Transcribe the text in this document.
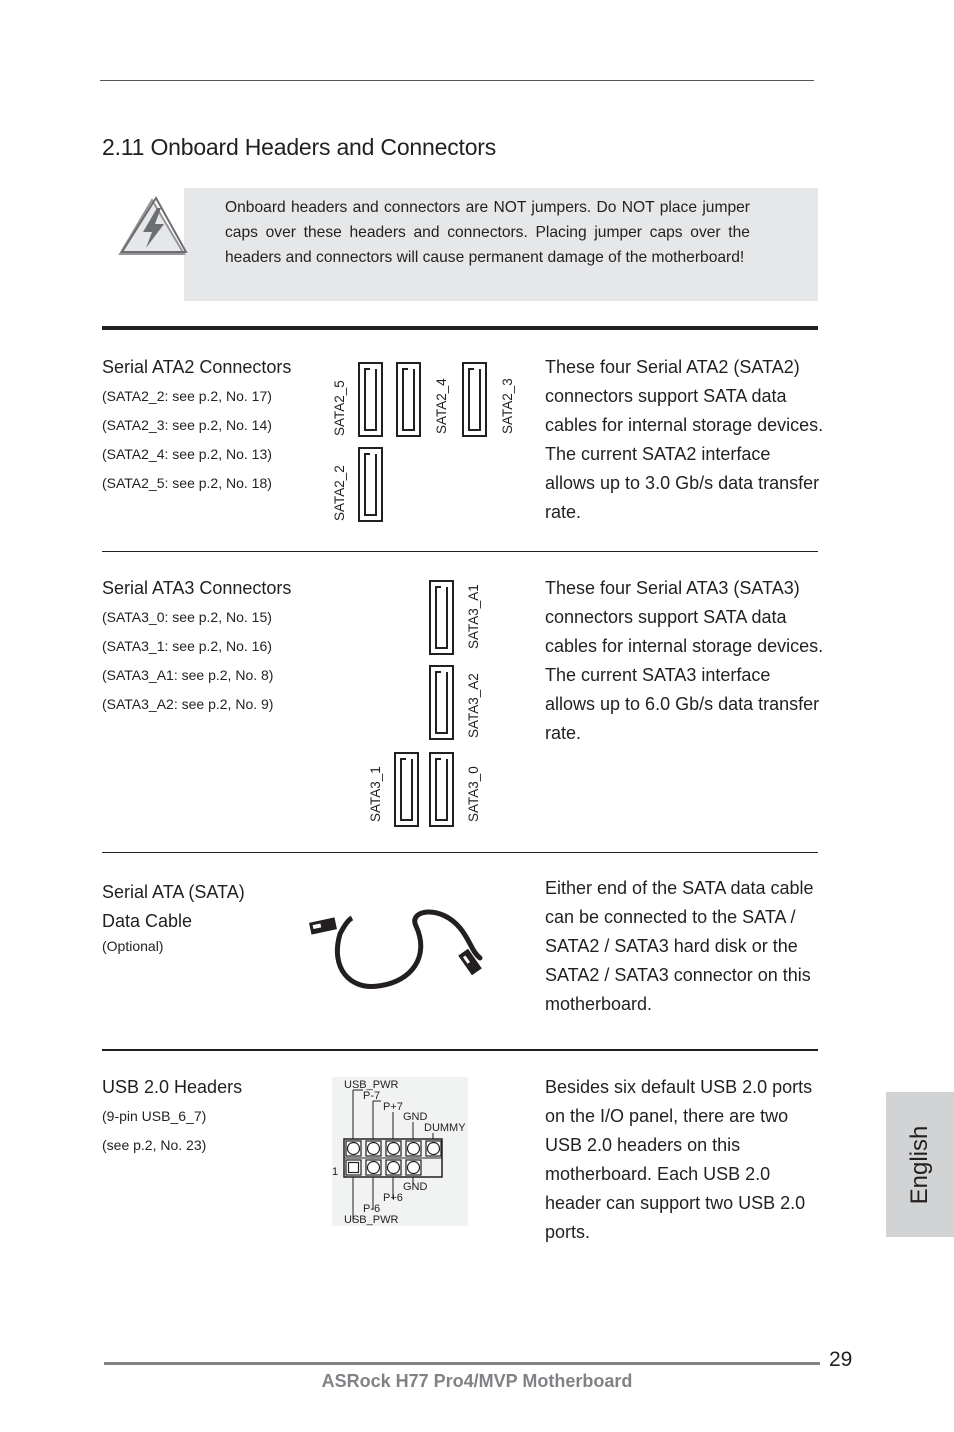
2.11 Onboard Headers and Connectors
Onboard headers and connectors are NOT jumpers. Do NOT place jumper caps over these headers and connectors. Placing jumper caps over the headers and connectors will cause permanent damage of the motherboard!
Serial ATA2 Connectors
(SATA2_2: see p.2, No. 17)
(SATA2_3: see p.2, No. 14)
(SATA2_4: see p.2, No. 13)
(SATA2_5: see p.2, No. 18)
SATA2_5	SATA2_4	SATA2_3
SATA2_2
These four Serial ATA2 (SATA2) connectors support SATA data cables for internal storage devices. The current SATA2 interface allows up to 3.0 Gb/s data transfer rate.
Serial ATA3 Connectors
(SATA3_0: see p.2, No. 15)
(SATA3_1: see p.2, No. 16)
(SATA3_A1: see p.2, No. 8)
(SATA3_A2: see p.2, No. 9)
SATA3_A1
SATA3_A2
SATA3_1	SATA3_0
These four Serial ATA3 (SATA3) connectors support SATA data cables for internal storage devices. The current SATA3 interface allows up to 6.0 Gb/s data transfer rate.
Serial ATA (SATA)
Data Cable
(Optional)
Either end of the SATA data cable can be connected to the SATA / SATA2 / SATA3 hard disk or the SATA2 / SATA3 connector on this motherboard.
USB 2.0 Headers
(9-pin USB_6_7)
(see p.2, No. 23)
USB_PWR
P-7
P+7
GND
DUMMY
1
GND
P+6
P-6
USB_PWR
Besides six default USB 2.0 ports on the I/O panel, there are two USB 2.0 headers on this motherboard. Each USB 2.0 header can support two USB 2.0 ports.
English
29
ASRock H77 Pro4/MVP Motherboard
